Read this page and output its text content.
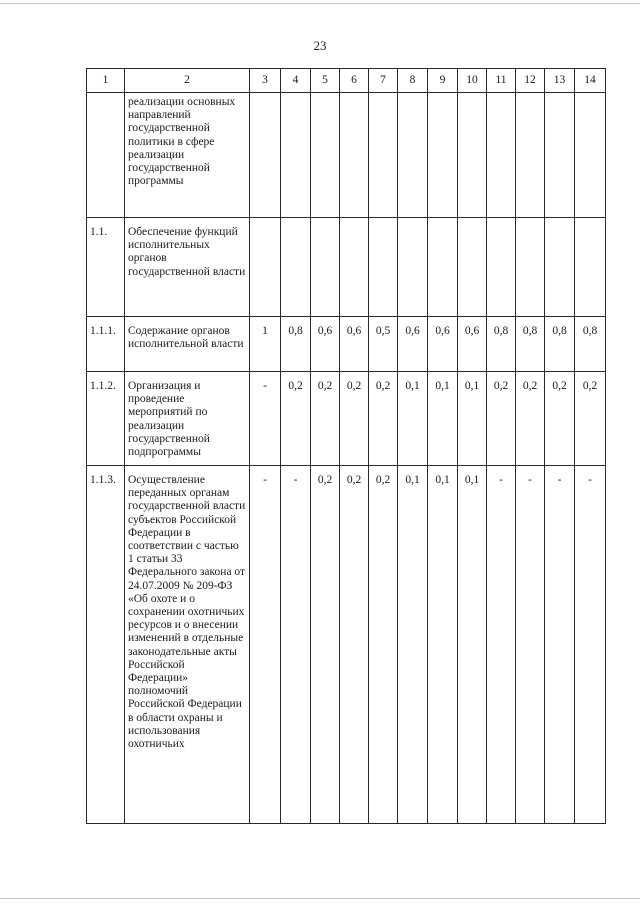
23
1	2	3	4	5	6	7	8	9	10	11	12	13	14
	реализации основных направлений государственной политики в сфере реализации государственной программы												
1.1.	Обеспечение функций исполнительных органов государственной власти												
1.1.1.	Содержание органов исполнительной власти	1	0,8	0,6	0,6	0,5	0,6	0,6	0,6	0,8	0,8	0,8	0,8
1.1.2.	Организация и проведение мероприятий по реализации государственной подпрограммы	-	0,2	0,2	0,2	0,2	0,1	0,1	0,1	0,2	0,2	0,2	0,2
1.1.3.	Осуществление переданных органам государственной власти субъектов Российской Федерации в соответствии с частью 1 статьи 33 Федерального закона от 24.07.2009 № 209-ФЗ «Об охоте и о сохранении охотничьих ресурсов и о внесении изменений в отдельные законодательные акты Российской Федерации» полномочий Российской Федерации в области охраны и использования охотничьих	-	-	0,2	0,2	0,2	0,1	0,1	0,1	-	-	-	-
